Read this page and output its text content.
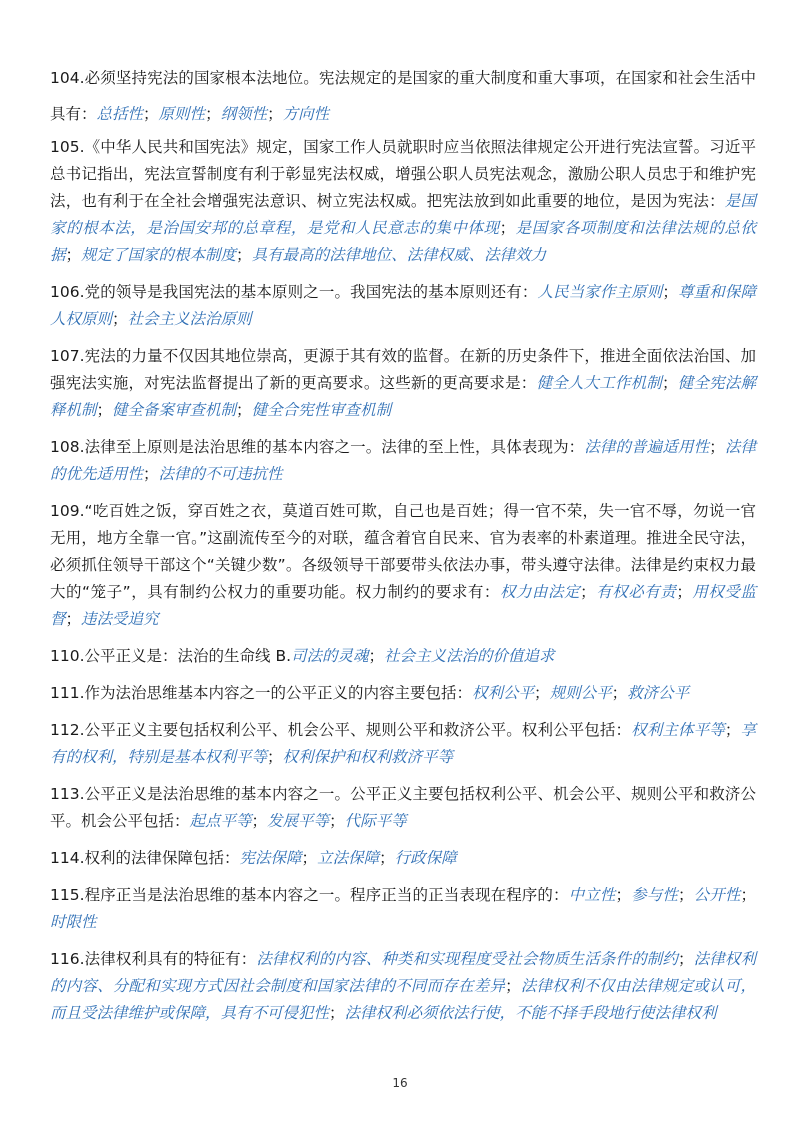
104.必须坚持宪法的国家根本法地位。宪法规定的是国家的重大制度和重大事项，在国家和社会生活中具有：总括性；原则性；纲领性；方向性
105.《中华人民共和国宪法》规定，国家工作人员就职时应当依照法律规定公开进行宪法宣誓。习近平总书记指出，宪法宣誓制度有利于彰显宪法权威，增强公职人员宪法观念，激励公职人员忠于和维护宪法，也有利于在全社会增强宪法意识、树立宪法权威。把宪法放到如此重要的地位，是因为宪法：是国家的根本法，是治国安邦的总章程，是党和人民意志的集中体现；是国家各项制度和法律法规的总依据；规定了国家的根本制度；具有最高的法律地位、法律权威、法律效力
106.党的领导是我国宪法的基本原则之一。我国宪法的基本原则还有：人民当家作主原则；尊重和保障人权原则；社会主义法治原则
107.宪法的力量不仅因其地位崇高，更源于其有效的监督。在新的历史条件下，推进全面依法治国、加强宪法实施，对宪法监督提出了新的更高要求。这些新的更高要求是：健全人大工作机制；健全宪法解释机制；健全备案审查机制；健全合宪性审查机制
108.法律至上原则是法治思维的基本内容之一。法律的至上性，具体表现为：法律的普遍适用性；法律的优先适用性；法律的不可违抗性
109.“吃百姓之饭，穿百姓之衣，莫道百姓可欺，自己也是百姓；得一官不荣，失一官不辱，勿说一官无用，地方全靠一官。”这副流传至今的对联，蕴含着官自民来、官为表率的朴素道理。推进全民守法，必须抓住领导干部这个“关键少数”。各级领导干部要带头依法办事，带头遵守法律。法律是约束权力最大的“笼子”，具有制约公权力的重要功能。权力制约的要求有：权力由法定；有权必有责；用权受监督；违法受追究
110.公平正义是：法治的生命线 B.司法的灵魂；社会主义法治的价值追求
111.作为法治思维基本内容之一的公平正义的内容主要包括：权利公平；规则公平；救济公平
112.公平正义主要包括权利公平、机会公平、规则公平和救济公平。权利公平包括：权利主体平等；享有的权利，特别是基本权利平等；权利保护和权利救济平等
113.公平正义是法治思维的基本内容之一。公平正义主要包括权利公平、机会公平、规则公平和救济公平。机会公平包括：起点平等；发展平等；代际平等
114.权利的法律保障包括：宪法保障；立法保障；行政保障
115.程序正当是法治思维的基本内容之一。程序正当的正当表现在程序的：中立性；参与性；公开性；时限性
116.法律权利具有的特征有：法律权利的内容、种类和实现程度受社会物质生活条件的制约；法律权利的内容、分配和实现方式因社会制度和国家法律的不同而存在差异；法律权利不仅由法律规定或认可，而且受法律维护或保障，具有不可侵犯性；法律权利必须依法行使，不能不择手段地行使法律权利
16
